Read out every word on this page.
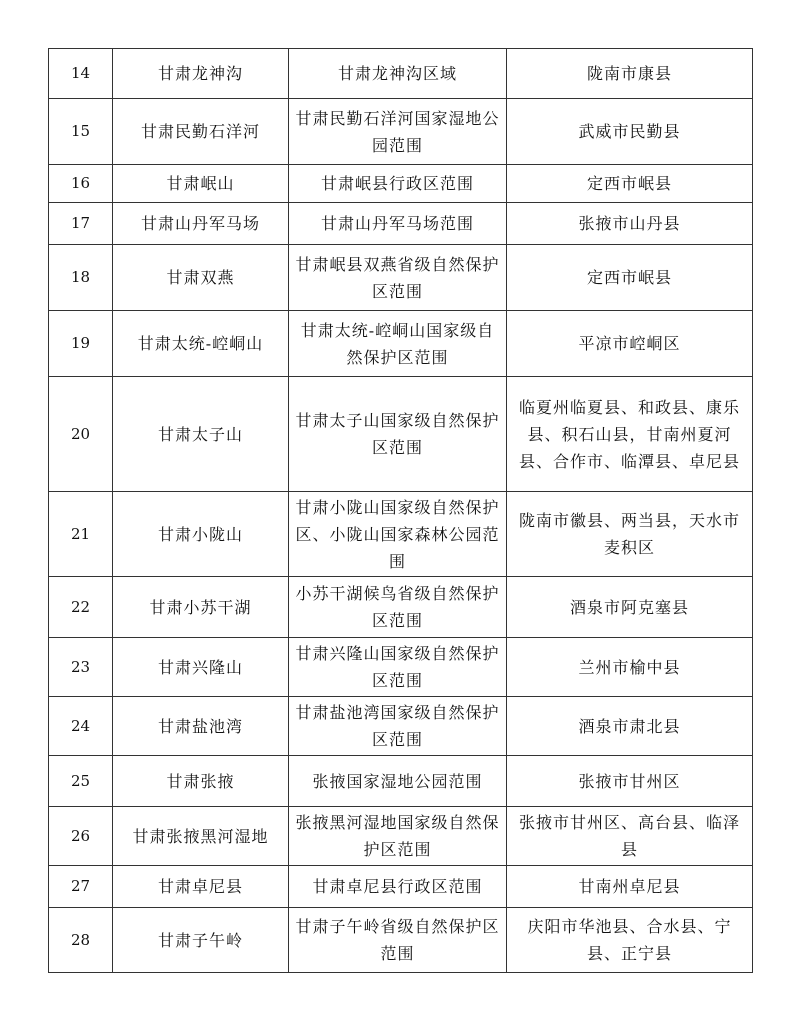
14	甘肃龙神沟	甘肃龙神沟区域	陇南市康县
15	甘肃民勤石洋河	甘肃民勤石洋河国家湿地公园范围	武威市民勤县
16	甘肃岷山	甘肃岷县行政区范围	定西市岷县
17	甘肃山丹军马场	甘肃山丹军马场范围	张掖市山丹县
18	甘肃双燕	甘肃岷县双燕省级自然保护区范围	定西市岷县
19	甘肃太统-崆峒山	甘肃太统-崆峒山国家级自然保护区范围	平凉市崆峒区
20	甘肃太子山	甘肃太子山国家级自然保护区范围	临夏州临夏县、和政县、康乐县、积石山县，甘南州夏河县、合作市、临潭县、卓尼县
21	甘肃小陇山	甘肃小陇山国家级自然保护区、小陇山国家森林公园范围	陇南市徽县、两当县，天水市麦积区
22	甘肃小苏干湖	小苏干湖候鸟省级自然保护区范围	酒泉市阿克塞县
23	甘肃兴隆山	甘肃兴隆山国家级自然保护区范围	兰州市榆中县
24	甘肃盐池湾	甘肃盐池湾国家级自然保护区范围	酒泉市肃北县
25	甘肃张掖	张掖国家湿地公园范围	张掖市甘州区
26	甘肃张掖黑河湿地	张掖黑河湿地国家级自然保护区范围	张掖市甘州区、高台县、临泽县
27	甘肃卓尼县	甘肃卓尼县行政区范围	甘南州卓尼县
28	甘肃子午岭	甘肃子午岭省级自然保护区范围	庆阳市华池县、合水县、宁县、正宁县
